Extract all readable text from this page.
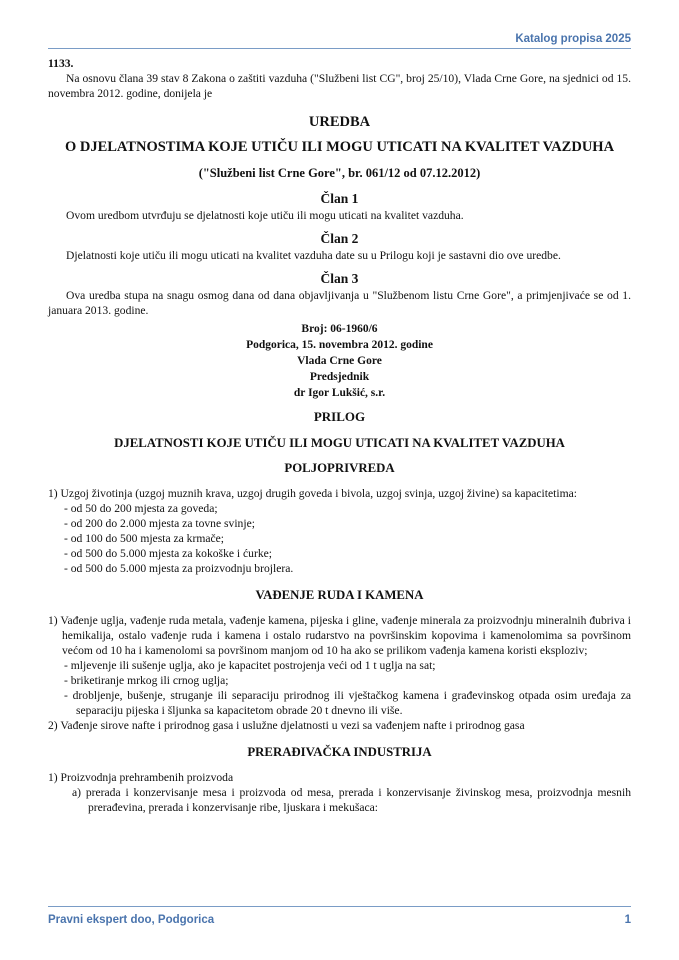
Katalog propisa 2025

1133.

Na osnovu člana 39 stav 8 Zakona o zaštiti vazduha ("Službeni list CG", broj 25/10), Vlada Crne Gore, na sjednici od 15. novembra 2012. godine, donijela je

UREDBA

O DJELATNOSTIMA KOJE UTIČU ILI MOGU UTICATI NA KVALITET VAZDUHA

("Službeni list Crne Gore", br. 061/12 od 07.12.2012)

Član 1

Ovom uredbom utvrđuju se djelatnosti koje utiču ili mogu uticati na kvalitet vazduha.

Član 2

Djelatnosti koje utiču ili mogu uticati na kvalitet vazduha date su u Prilogu koji je sastavni dio ove uredbe.

Član 3

Ova uredba stupa na snagu osmog dana od dana objavljivanja u "Službenom listu Crne Gore", a primjenjivaće se od 1. januara 2013. godine.

Broj: 06-1960/6

Podgorica, 15. novembra 2012. godine

Vlada Crne Gore

Predsjednik

dr Igor Lukšić, s.r.

PRILOG

DJELATNOSTI KOJE UTIČU ILI MOGU UTICATI NA KVALITET VAZDUHA

POLJOPRIVREDA

1) Uzgoj životinja (uzgoj muznih krava, uzgoj drugih goveda i bivola, uzgoj svinja, uzgoj živine) sa kapacitetima:

- od 50 do 200 mjesta za goveda;

- od 200 do 2.000 mjesta za tovne svinje;

- od 100 do 500 mjesta za krmače;

- od 500 do 5.000 mjesta za kokoške i ćurke;

- od 500 do 5.000 mjesta za proizvodnju brojlera.

VAĐENJE RUDA I KAMENA

1) Vađenje uglja, vađenje ruda metala, vađenje kamena, pijeska i gline, vađenje minerala za proizvodnju mineralnih đubriva i hemikalija, ostalo vađenje ruda i kamena i ostalo rudarstvo na površinskim kopovima i kamenolomima sa površinom većom od 10 ha i kamenolomi sa površinom manjom od 10 ha ako se prilikom vađenja kamena koristi eksploziv;

- mljevenje ili sušenje uglja, ako je kapacitet postrojenja veći od 1 t uglja na sat;

- briketiranje mrkog ili crnog uglja;

- drobljenje, bušenje, struganje ili separaciju prirodnog ili vještačkog kamena i građevinskog otpada osim uređaja za separaciju pijeska i šljunka sa kapacitetom obrade 20 t dnevno ili više.

2) Vađenje sirove nafte i prirodnog gasa i uslužne djelatnosti u vezi sa vađenjem nafte i prirodnog gasa

PRERAĐIVAČKA INDUSTRIJA

1) Proizvodnja prehrambenih proizvoda

a) prerada i konzervisanje mesa i proizvoda od mesa, prerada i konzervisanje živinskog mesa, proizvodnja mesnih prerađevina, prerada i konzervisanje ribe, ljuskara i mekušaca:

Pravni ekspert doo, Podgorica	1
